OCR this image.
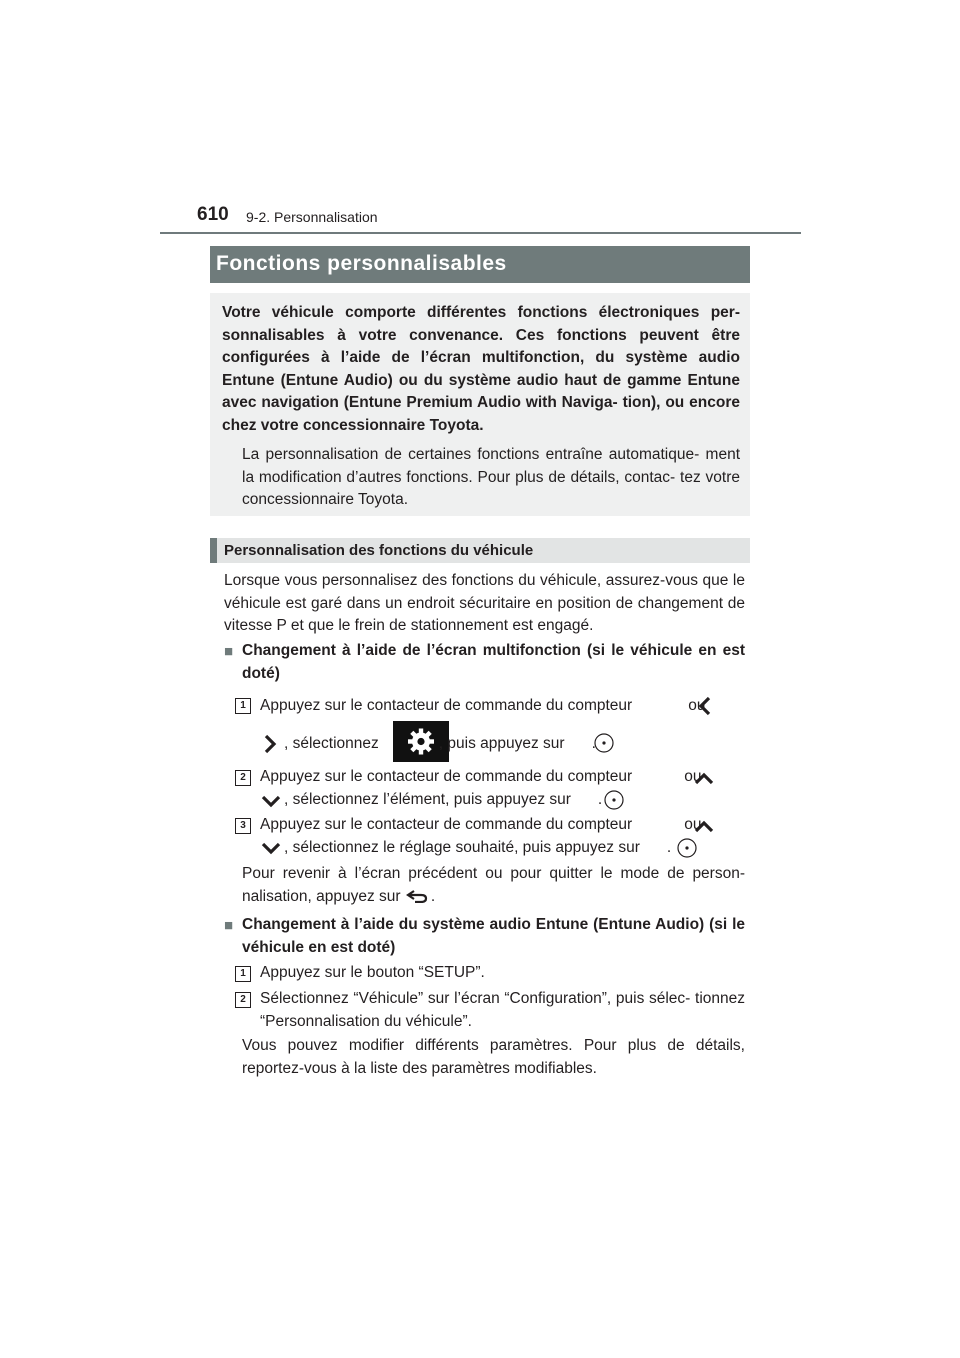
610 9-2. Personnalisation
Fonctions personnalisables
Votre véhicule comporte différentes fonctions électroniques per- sonnalisables à votre convenance. Ces fonctions peuvent être configurées à l’aide de l’écran multifonction, du système audio Entune (Entune Audio) ou du système audio haut de gamme Entune avec navigation (Entune Premium Audio with Naviga- tion), ou encore chez votre concessionnaire Toyota.
La personnalisation de certaines fonctions entraîne automatique- ment la modification d’autres fonctions. Pour plus de détails, contac- tez votre concessionnaire Toyota.
Personnalisation des fonctions du véhicule

Lorsque vous personnalisez des fonctions du véhicule, assurez-vous que le véhicule est garé dans un endroit sécuritaire en position de changement de vitesse P et que le frein de stationnement est engagé.

■ Changement à l’aide de l’écran multifonction (si le véhicule en est doté)

1 Appuyez sur le contacteur de commande du compteur	ou

, sélectionnez	, puis appuyez sur .

2 Appuyez sur le contacteur de commande du compteur	ou

, sélectionnez l’élément, puis appuyez sur .

3 Appuyez sur le contacteur de commande du compteur	ou

, sélectionnez le réglage souhaité, puis appuyez sur .

Pour revenir à l’écran précédent ou pour quitter le mode de person- nalisation, appuyez sur .

■ Changement à l’aide du système audio Entune (Entune Audio) (si le véhicule en est doté)

1 Appuyez sur le bouton “SETUP”.

2 Sélectionnez “Véhicule” sur l’écran “Configuration”, puis sélec- tionnez “Personnalisation du véhicule”.

Vous pouvez modifier différents paramètres. Pour plus de détails, reportez-vous à la liste des paramètres modifiables.
